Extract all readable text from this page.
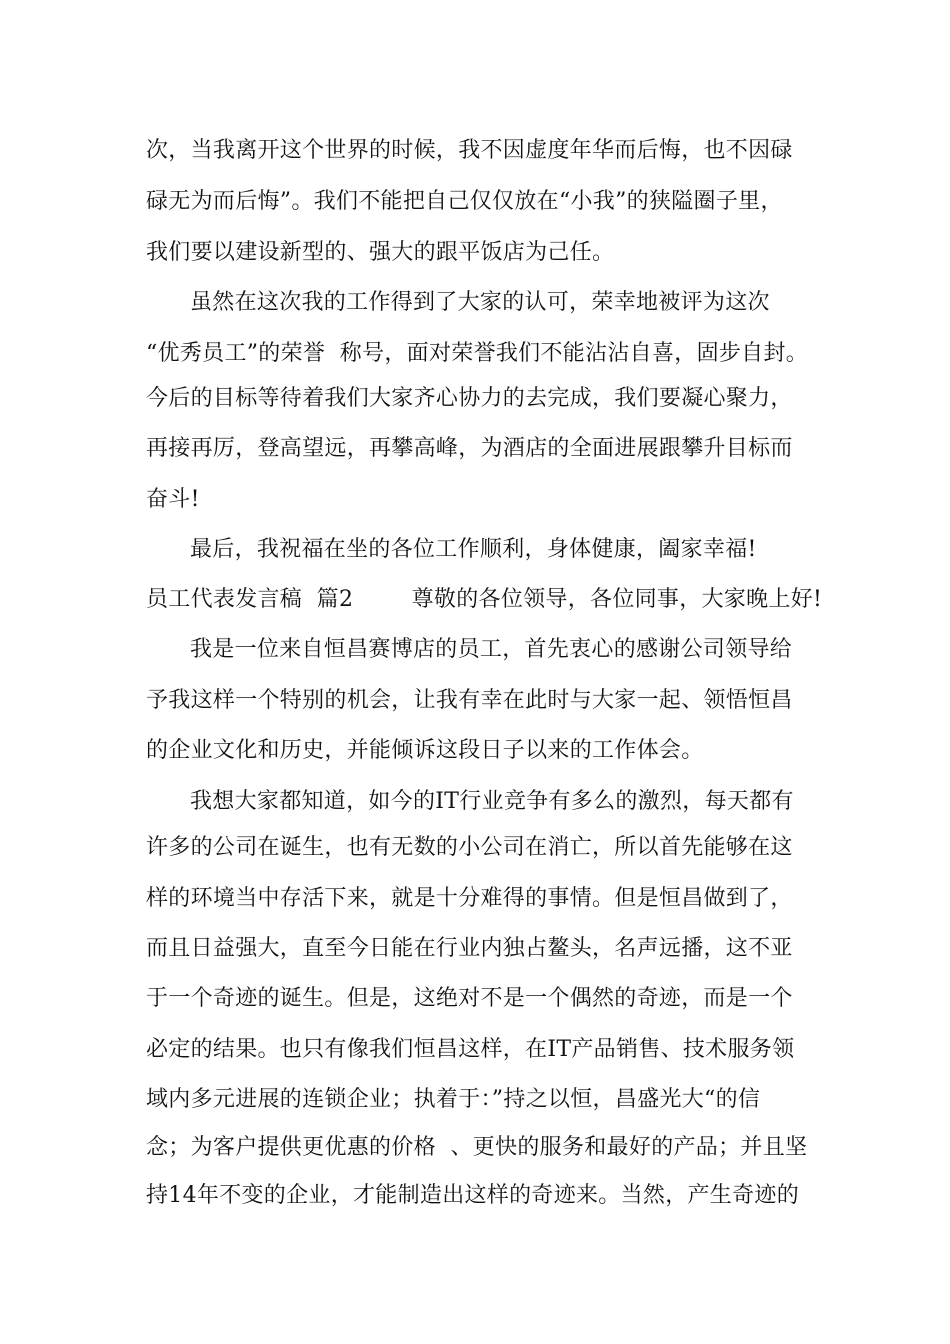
次，当我离开这个世界的时候，我不因虚度年华而后悔，也不因碌
碌无为而后悔”。我们不能把自己仅仅放在“小我”的狭隘圈子里，
我们要以建设新型的、强大的跟平饭店为己任。
虽然在这次我的工作得到了大家的认可，荣幸地被评为这次
“优秀员工”的荣誉  称号，面对荣誉我们不能沾沾自喜，固步自封。
今后的目标等待着我们大家齐心协力的去完成，我们要凝心聚力，
再接再厉，登高望远，再攀高峰，为酒店的全面进展跟攀升目标而
奋斗!
最后，我祝福在坐的各位工作顺利，身体健康，阖家幸福!
员工代表发言稿  篇2        尊敬的各位领导，各位同事，大家晚上好!
我是一位来自恒昌赛博店的员工，首先衷心的感谢公司领导给
予我这样一个特别的机会，让我有幸在此时与大家一起、领悟恒昌
的企业文化和历史，并能倾诉这段日子以来的工作体会。
我想大家都知道，如今的IT行业竞争有多么的激烈，每天都有
许多的公司在诞生，也有无数的小公司在消亡，所以首先能够在这
样的环境当中存活下来，就是十分难得的事情。但是恒昌做到了，
而且日益强大，直至今日能在行业内独占鳌头，名声远播，这不亚
于一个奇迹的诞生。但是，这绝对不是一个偶然的奇迹，而是一个
必定的结果。也只有像我们恒昌这样，在IT产品销售、技术服务领
域内多元进展的连锁企业；执着于：”持之以恒，昌盛光大“的信
念；为客户提供更优惠的价格  、更快的服务和最好的产品；并且坚
持14年不变的企业，才能制造出这样的奇迹来。当然，产生奇迹的
